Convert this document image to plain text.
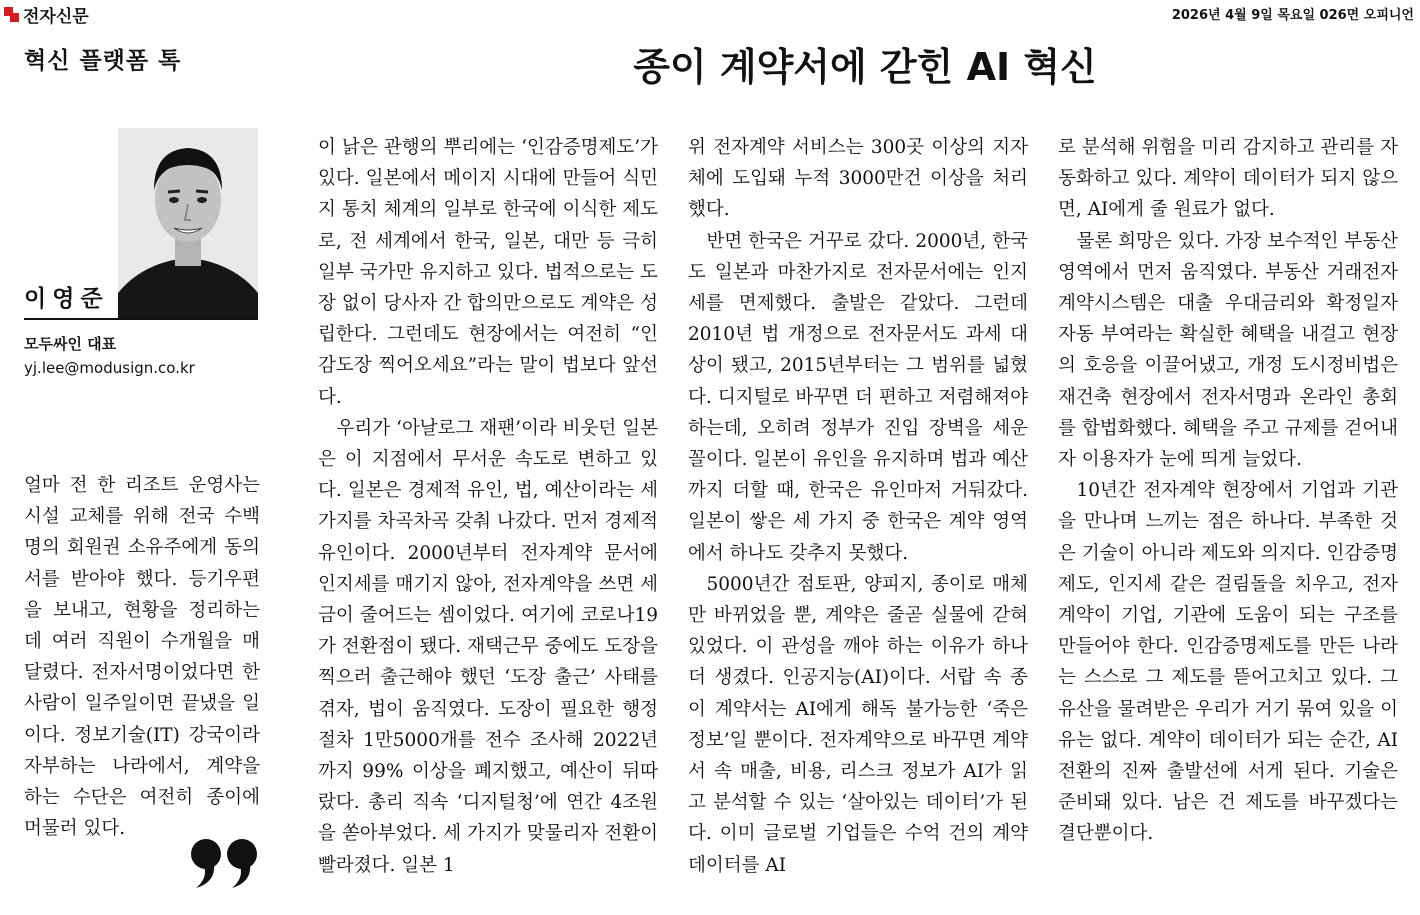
전자신문	2026년 4월 9일 목요일 026면 오피니언
혁신 플랫폼 톡	종이 계약서에 갇힌 AI 혁신
이영준
모두싸인 대표
yj.lee@modusign.co.kr

얼마 전 한 리조트 운영사는 시설 교체를 위해 전국 수백 명의 회원권 소유주에게 동의서를 받아야 했다. 등기우편을 보내고, 현황을 정리하는 데 여러 직원이 수개월을 매달렸다. 전자서명이었다면 한 사람이 일주일이면 끝냈을 일이다. 정보기술(IT) 강국이라 자부하는 나라에서, 계약을 하는 수단은 여전히 종이에 머물러 있다.

이 낡은 관행의 뿌리에는 ‘인감증명제도’가 있다. 일본에서 메이지 시대에 만들어 식민지 통치 체계의 일부로 한국에 이식한 제도로, 전 세계에서 한국, 일본, 대만 등 극히 일부 국가만 유지하고 있다. 법적으로는 도장 없이 당사자 간 합의만으로도 계약은 성립한다. 그런데도 현장에서는 여전히 “인감도장 찍어오세요”라는 말이 법보다 앞선다.

우리가 ‘아날로그 재팬’이라 비웃던 일본은 이 지점에서 무서운 속도로 변하고 있다. 일본은 경제적 유인, 법, 예산이라는 세 가지를 차곡차곡 갖춰 나갔다. 먼저 경제적 유인이다. 2000년부터 전자계약 문서에 인지세를 매기지 않아, 전자계약을 쓰면 세금이 줄어드는 셈이었다. 여기에 코로나19가 전환점이 됐다. 재택근무 중에도 도장을 찍으러 출근해야 했던 ‘도장 출근’ 사태를 겪자, 법이 움직였다. 도장이 필요한 행정절차 1만5000개를 전수 조사해 2022년까지 99% 이상을 폐지했고, 예산이 뒤따랐다. 총리 직속 ‘디지털청’에 연간 4조원을 쏟아부었다. 세 가지가 맞물리자 전환이 빨라졌다. 일본 1

위 전자계약 서비스는 300곳 이상의 지자체에 도입돼 누적 3000만건 이상을 처리했다.

반면 한국은 거꾸로 갔다. 2000년, 한국도 일본과 마찬가지로 전자문서에는 인지세를 면제했다. 출발은 같았다. 그런데 2010년 법 개정으로 전자문서도 과세 대상이 됐고, 2015년부터는 그 범위를 넓혔다. 디지털로 바꾸면 더 편하고 저렴해져야 하는데, 오히려 정부가 진입 장벽을 세운 꼴이다. 일본이 유인을 유지하며 법과 예산까지 더할 때, 한국은 유인마저 거둬갔다. 일본이 쌓은 세 가지 중 한국은 계약 영역에서 하나도 갖추지 못했다.

5000년간 점토판, 양피지, 종이로 매체만 바뀌었을 뿐, 계약은 줄곧 실물에 갇혀 있었다. 이 관성을 깨야 하는 이유가 하나 더 생겼다. 인공지능(AI)이다. 서랍 속 종이 계약서는 AI에게 해독 불가능한 ‘죽은 정보’일 뿐이다. 전자계약으로 바꾸면 계약서 속 매출, 비용, 리스크 정보가 AI가 읽고 분석할 수 있는 ‘살아있는 데이터’가 된다. 이미 글로벌 기업들은 수억 건의 계약 데이터를 AI

로 분석해 위험을 미리 감지하고 관리를 자동화하고 있다. 계약이 데이터가 되지 않으면, AI에게 줄 원료가 없다.

물론 희망은 있다. 가장 보수적인 부동산 영역에서 먼저 움직였다. 부동산 거래전자계약시스템은 대출 우대금리와 확정일자 자동 부여라는 확실한 혜택을 내걸고 현장의 호응을 이끌어냈고, 개정 도시정비법은 재건축 현장에서 전자서명과 온라인 총회를 합법화했다. 혜택을 주고 규제를 걷어내자 이용자가 눈에 띄게 늘었다.

10년간 전자계약 현장에서 기업과 기관을 만나며 느끼는 점은 하나다. 부족한 것은 기술이 아니라 제도와 의지다. 인감증명제도, 인지세 같은 걸림돌을 치우고, 전자계약이 기업, 기관에 도움이 되는 구조를 만들어야 한다. 인감증명제도를 만든 나라는 스스로 그 제도를 뜯어고치고 있다. 그 유산을 물려받은 우리가 거기 묶여 있을 이유는 없다. 계약이 데이터가 되는 순간, AI 전환의 진짜 출발선에 서게 된다. 기술은 준비돼 있다. 남은 건 제도를 바꾸겠다는 결단뿐이다.
